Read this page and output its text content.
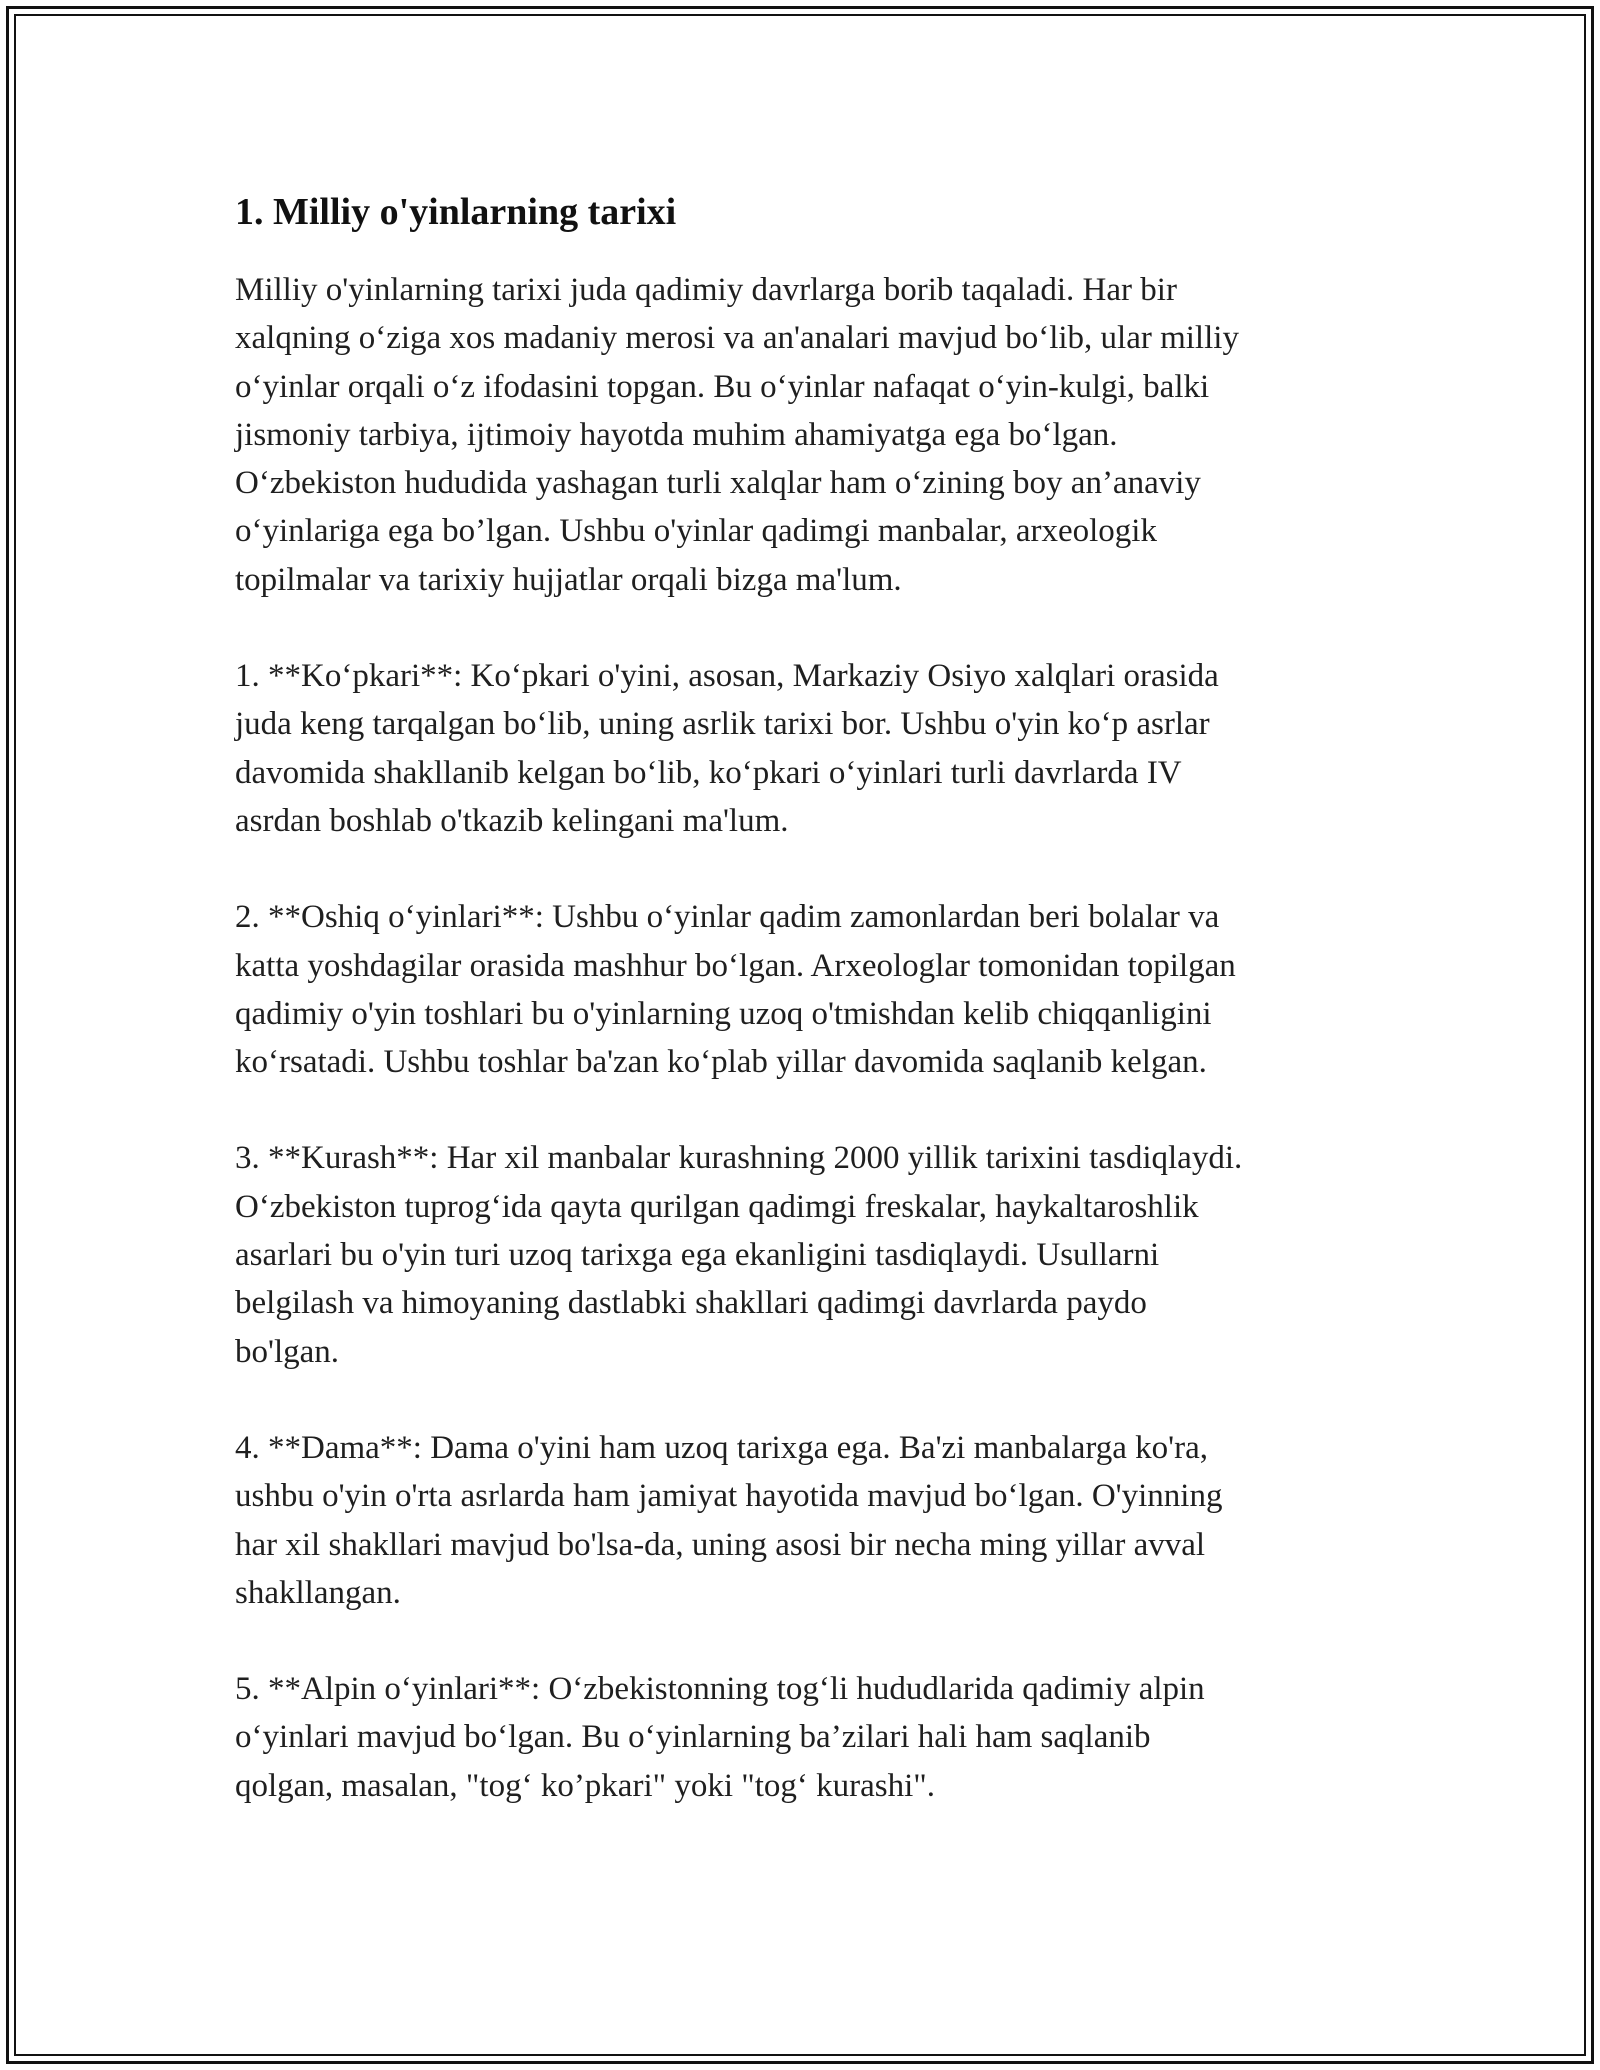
1. Milliy o'yinlarning tarixi

Milliy o'yinlarning tarixi juda qadimiy davrlarga borib taqaladi. Har bir
xalqning o‘ziga xos madaniy merosi va an'analari mavjud bo‘lib, ular milliy
o‘yinlar orqali o‘z ifodasini topgan. Bu o‘yinlar nafaqat o‘yin-kulgi, balki
jismoniy tarbiya, ijtimoiy hayotda muhim ahamiyatga ega bo‘lgan.
O‘zbekiston hududida yashagan turli xalqlar ham o‘zining boy an’anaviy
o‘yinlariga ega bo’lgan. Ushbu o'yinlar qadimgi manbalar, arxeologik
topilmalar va tarixiy hujjatlar orqali bizga ma'lum.

1. **Ko‘pkari**: Ko‘pkari o'yini, asosan, Markaziy Osiyo xalqlari orasida
juda keng tarqalgan bo‘lib, uning asrlik tarixi bor. Ushbu o'yin ko‘p asrlar
davomida shakllanib kelgan bo‘lib, ko‘pkari o‘yinlari turli davrlarda IV
asrdan boshlab o'tkazib kelingani ma'lum.

2. **Oshiq o‘yinlari**: Ushbu o‘yinlar qadim zamonlardan beri bolalar va
katta yoshdagilar orasida mashhur bo‘lgan. Arxeologlar tomonidan topilgan
qadimiy o'yin toshlari bu o'yinlarning uzoq o'tmishdan kelib chiqqanligini
ko‘rsatadi. Ushbu toshlar ba'zan ko‘plab yillar davomida saqlanib kelgan.

3. **Kurash**: Har xil manbalar kurashning 2000 yillik tarixini tasdiqlaydi.
O‘zbekiston tuprog‘ida qayta qurilgan qadimgi freskalar, haykaltaroshlik
asarlari bu o'yin turi uzoq tarixga ega ekanligini tasdiqlaydi. Usullarni
belgilash va himoyaning dastlabki shakllari qadimgi davrlarda paydo
bo'lgan.

4. **Dama**: Dama o'yini ham uzoq tarixga ega. Ba'zi manbalarga ko'ra,
ushbu o'yin o'rta asrlarda ham jamiyat hayotida mavjud bo‘lgan. O'yinning
har xil shakllari mavjud bo'lsa-da, uning asosi bir necha ming yillar avval
shakllangan.

5. **Alpin o‘yinlari**: O‘zbekistonning tog‘li hududlarida qadimiy alpin
o‘yinlari mavjud bo‘lgan. Bu o‘yinlarning ba’zilari hali ham saqlanib
qolgan, masalan, "tog‘ ko’pkari" yoki "tog‘ kurashi".
